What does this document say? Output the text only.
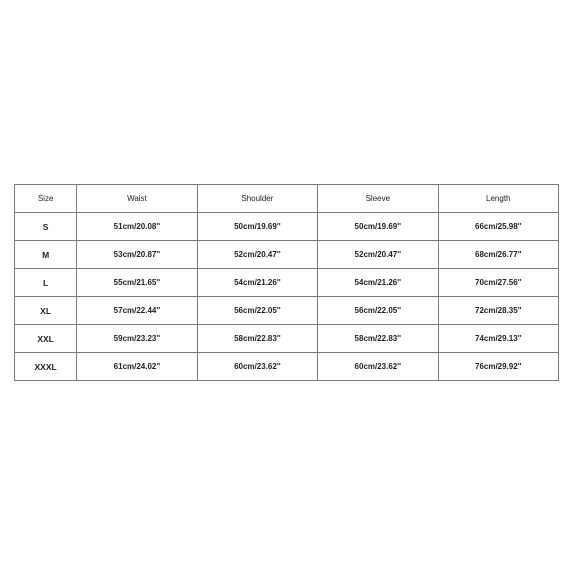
Size	Waist	Shoulder	Sleeve	Length
S	51cm/20.08''	50cm/19.69''	50cm/19.69''	66cm/25.98''
M	53cm/20.87''	52cm/20.47''	52cm/20.47''	68cm/26.77''
L	55cm/21.65''	54cm/21.26''	54cm/21.26''	70cm/27.56''
XL	57cm/22.44''	56cm/22.05''	56cm/22.05''	72cm/28.35''
XXL	59cm/23.23''	58cm/22.83''	58cm/22.83''	74cm/29.13''
XXXL	61cm/24.02''	60cm/23.62''	60cm/23.62''	76cm/29.92''
